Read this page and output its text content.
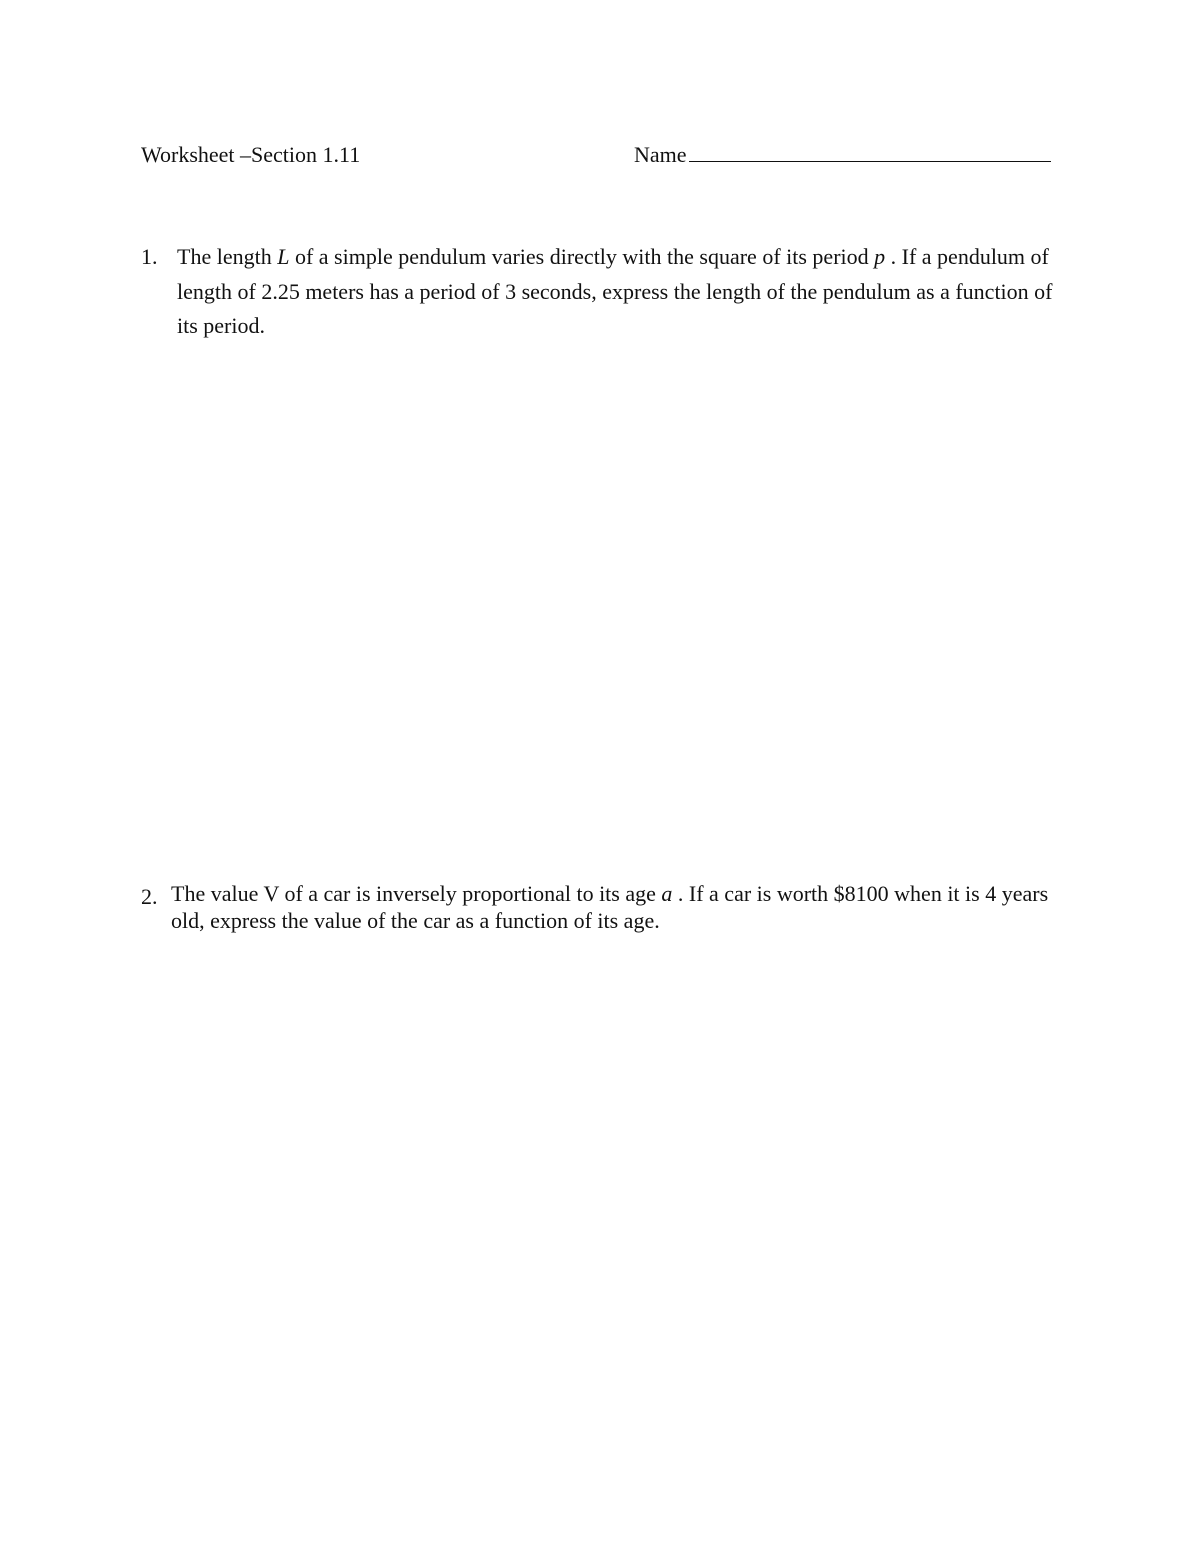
Worksheet –Section 1.11	Name
1. The length L of a simple pendulum varies directly with the square of its period p . If a pendulum of length of 2.25 meters has a period of 3 seconds, express the length of the pendulum as a function of its period.
2. The value V of a car is inversely proportional to its age a . If a car is worth $8100 when it is 4 years old, express the value of the car as a function of its age.
